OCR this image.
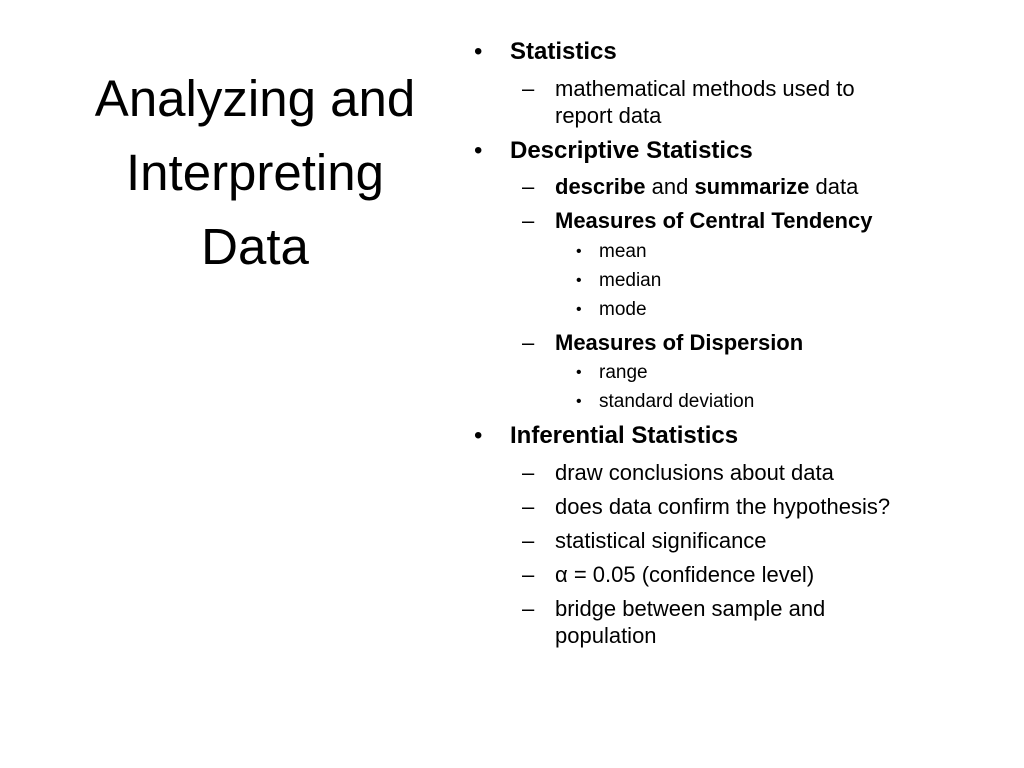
Analyzing and
Interpreting
Data
• Statistics
– mathematical methods used to
report data
• Descriptive Statistics
– describe and summarize data
– Measures of Central Tendency
• mean
• median
• mode
– Measures of Dispersion
• range
• standard deviation
• Inferential Statistics
– draw conclusions about data
– does data confirm the hypothesis?
– statistical significance
– α = 0.05 (confidence level)
– bridge between sample and
population
